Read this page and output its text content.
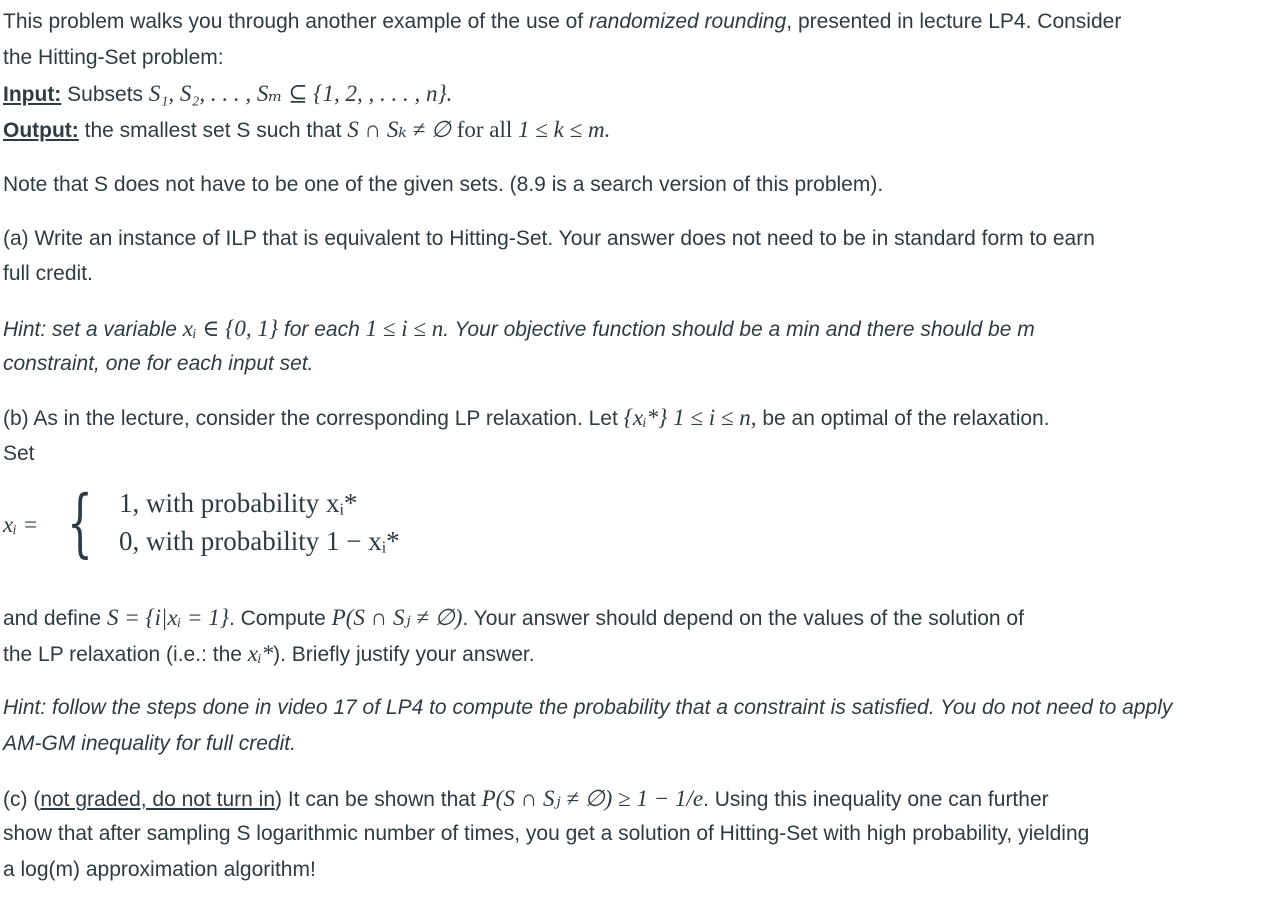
This problem walks you through another example of the use of randomized rounding, presented in lecture LP4. Consider
the Hitting-Set problem:
Input: Subsets S₁, S₂, . . . , Sₘ ⊆ {1, 2, , . . . , n}.
Output: the smallest set S such that S ∩ Sₖ ≠ ∅ for all 1 ≤ k ≤ m.
Note that S does not have to be one of the given sets. (8.9 is a search version of this problem).
(a) Write an instance of ILP that is equivalent to Hitting-Set. Your answer does not need to be in standard form to earn
full credit.
Hint: set a variable xᵢ ∈ {0, 1} for each 1 ≤ i ≤ n. Your objective function should be a min and there should be m
constraint, one for each input set.
(b) As in the lecture, consider the corresponding LP relaxation. Let {xᵢ*} 1 ≤ i ≤ n, be an optimal of the relaxation.
Set
xᵢ = { 1, with probability xᵢ*
0, with probability 1 − xᵢ*
and define S = {i|xᵢ = 1}. Compute P(S ∩ Sⱼ ≠ ∅). Your answer should depend on the values of the solution of
the LP relaxation (i.e.: the xᵢ*). Briefly justify your answer.
Hint: follow the steps done in video 17 of LP4 to compute the probability that a constraint is satisfied. You do not need to apply
AM-GM inequality for full credit.
(c) (not graded, do not turn in) It can be shown that P(S ∩ Sⱼ ≠ ∅) ≥ 1 − 1/e. Using this inequality one can further
show that after sampling S logarithmic number of times, you get a solution of Hitting-Set with high probability, yielding
a log(m) approximation algorithm!
